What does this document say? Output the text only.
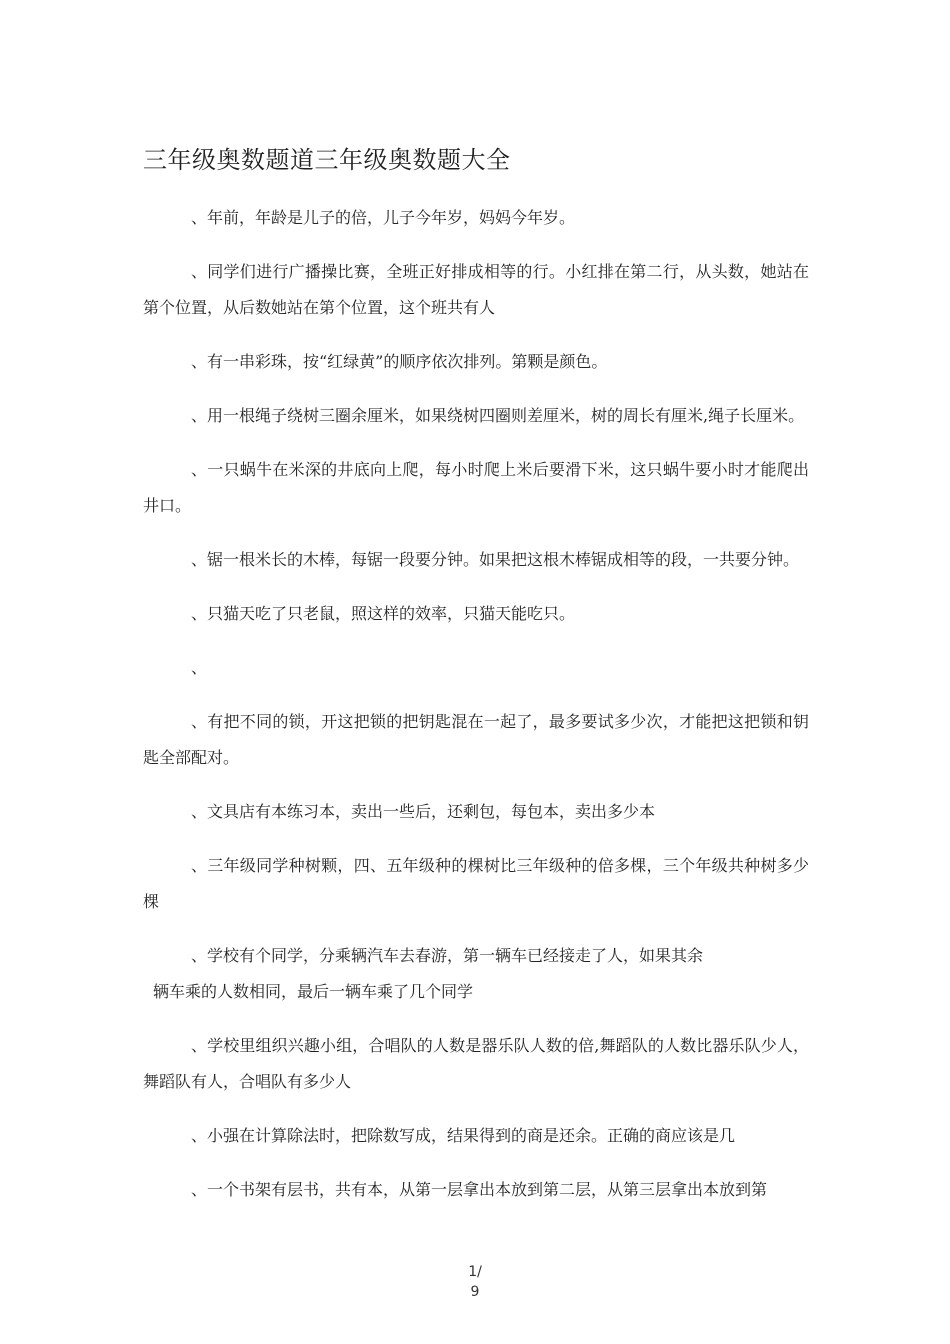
三年级奥数题道三年级奥数题大全

、年前，年龄是儿子的倍，儿子今年岁，妈妈今年岁。

、同学们进行广播操比赛，全班正好排成相等的行。小红排在第二行，从头数，她站在第个位置，从后数她站在第个位置，这个班共有人

、有一串彩珠，按“红绿黄”的顺序依次排列。第颗是颜色。

、用一根绳子绕树三圈余厘米，如果绕树四圈则差厘米，树的周长有厘米,绳子长厘米。

、一只蜗牛在米深的井底向上爬，每小时爬上米后要滑下米，这只蜗牛要小时才能爬出井口。

、锯一根米长的木棒，每锯一段要分钟。如果把这根木棒锯成相等的段，一共要分钟。

、只猫天吃了只老鼠，照这样的效率，只猫天能吃只。

、

、有把不同的锁，开这把锁的把钥匙混在一起了，最多要试多少次，才能把这把锁和钥匙全部配对。

、文具店有本练习本，卖出一些后，还剩包，每包本，卖出多少本

、三年级同学种树颗，四、五年级种的棵树比三年级种的倍多棵，三个年级共种树多少棵

、学校有个同学，分乘辆汽车去春游，第一辆车已经接走了人，如果其余
辆车乘的人数相同，最后一辆车乘了几个同学

、学校里组织兴趣小组，合唱队的人数是器乐队人数的倍,舞蹈队的人数比器乐队少人，舞蹈队有人，合唱队有多少人

、小强在计算除法时，把除数写成，结果得到的商是还余。正确的商应该是几

、一个书架有层书，共有本，从第一层拿出本放到第二层，从第三层拿出本放到第

1/
9
